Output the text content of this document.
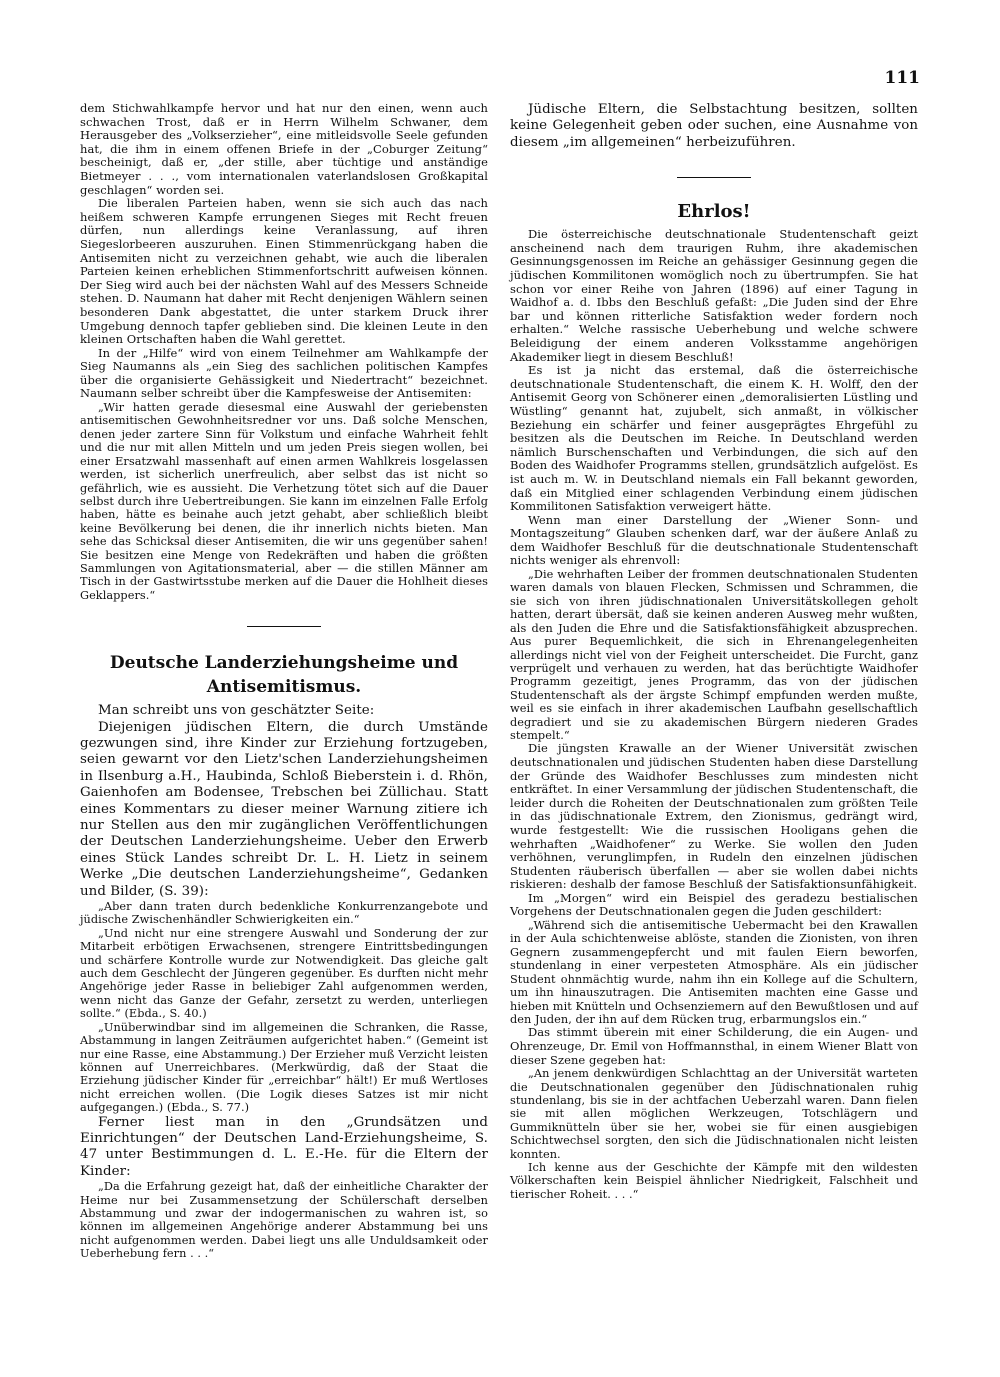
111

dem Stichwahlkampfe hervor und hat nur den einen, wenn auch schwachen Trost, daß er in Herrn Wilhelm Schwaner, dem Herausgeber des „Volkserzieher“, eine mitleidsvolle Seele gefunden hat, die ihm in einem offenen Briefe in der „Coburger Zeitung“ bescheinigt, daß er, „der stille, aber tüchtige und anständige Bietmeyer . . ., vom internationalen vaterlandslosen Großkapital geschlagen“ worden sei.

Die liberalen Parteien haben, wenn sie sich auch das nach heißem schweren Kampfe errungenen Sieges mit Recht freuen dürfen, nun allerdings keine Veranlassung, auf ihren Siegeslorbeeren auszuruhen. Einen Stimmenrückgang haben die Antisemiten nicht zu verzeichnen gehabt, wie auch die liberalen Parteien keinen erheblichen Stimmenfortschritt aufweisen können. Der Sieg wird auch bei der nächsten Wahl auf des Messers Schneide stehen. D. Naumann hat daher mit Recht denjenigen Wählern seinen besonderen Dank abgestattet, die unter starkem Druck ihrer Umgebung dennoch tapfer geblieben sind. Die kleinen Leute in den kleinen Ortschaften haben die Wahl gerettet.

In der „Hilfe“ wird von einem Teilnehmer am Wahlkampfe der Sieg Naumanns als „ein Sieg des sachlichen politischen Kampfes über die organisierte Gehässigkeit und Niedertracht“ bezeichnet. Naumann selber schreibt über die Kampfesweise der Antisemiten:

„Wir hatten gerade diesesmal eine Auswahl der geriebensten antisemitischen Gewohnheitsredner vor uns. Daß solche Menschen, denen jeder zartere Sinn für Volkstum und einfache Wahrheit fehlt und die nur mit allen Mitteln und um jeden Preis siegen wollen, bei einer Ersatzwahl massenhaft auf einen armen Wahlkreis losgelassen werden, ist sicherlich unerfreulich, aber selbst das ist nicht so gefährlich, wie es aussieht. Die Verhetzung tötet sich auf die Dauer selbst durch ihre Uebertreibungen. Sie kann im einzelnen Falle Erfolg haben, hätte es beinahe auch jetzt gehabt, aber schließlich bleibt keine Bevölkerung bei denen, die ihr innerlich nichts bieten. Man sehe das Schicksal dieser Antisemiten, die wir uns gegenüber sahen! Sie besitzen eine Menge von Redekräften und haben die größten Sammlungen von Agitationsmaterial, aber — die stillen Männer am Tisch in der Gastwirtsstube merken auf die Dauer die Hohlheit dieses Geklappers.“

Deutsche Landerziehungsheime und
Antisemitismus.

Man schreibt uns von geschätzter Seite:

Diejenigen jüdischen Eltern, die durch Umstände gezwungen sind, ihre Kinder zur Erziehung fortzugeben, seien gewarnt vor den Lietz'schen Landerziehungsheimen in Ilsenburg a.H., Haubinda, Schloß Bieberstein i. d. Rhön, Gaienhofen am Bodensee, Trebschen bei Züllichau. Statt eines Kommentars zu dieser meiner Warnung zitiere ich nur Stellen aus den mir zugänglichen Veröffentlichungen der Deutschen Landerziehungsheime. Ueber den Erwerb eines Stück Landes schreibt Dr. L. H. Lietz in seinem Werke „Die deutschen Landerziehungsheime“, Gedanken und Bilder, (S. 39):

„Aber dann traten durch bedenkliche Konkurrenzangebote und jüdische Zwischenhändler Schwierigkeiten ein.“

„Und nicht nur eine strengere Auswahl und Sonderung der zur Mitarbeit erbötigen Erwachsenen, strengere Eintrittsbedingungen und schärfere Kontrolle wurde zur Notwendigkeit. Das gleiche galt auch dem Geschlecht der Jüngeren gegenüber. Es durften nicht mehr Angehörige jeder Rasse in beliebiger Zahl aufgenommen werden, wenn nicht das Ganze der Gefahr, zersetzt zu werden, unterliegen sollte.“ (Ebda., S. 40.)

„Unüberwindbar sind im allgemeinen die Schranken, die Rasse, Abstammung in langen Zeiträumen aufgerichtet haben.“ (Gemeint ist nur eine Rasse, eine Abstammung.) Der Erzieher muß Verzicht leisten können auf Unerreichbares. (Merkwürdig, daß der Staat die Erziehung jüdischer Kinder für „erreichbar“ hält!) Er muß Wertloses nicht erreichen wollen. (Die Logik dieses Satzes ist mir nicht aufgegangen.) (Ebda., S. 77.)

Ferner liest man in den „Grundsätzen und Einrichtungen“ der Deutschen Land-Erziehungsheime, S. 47 unter Bestimmungen d. L. E.-He. für die Eltern der Kinder:

„Da die Erfahrung gezeigt hat, daß der einheitliche Charakter der Heime nur bei Zusammensetzung der Schülerschaft derselben Abstammung und zwar der indogermanischen zu wahren ist, so können im allgemeinen Angehörige anderer Abstammung bei uns nicht aufgenommen werden. Dabei liegt uns alle Unduldsamkeit oder Ueberhebung fern . . .“

Jüdische Eltern, die Selbstachtung besitzen, sollten keine Gelegenheit geben oder suchen, eine Ausnahme von diesem „im allgemeinen“ herbeizuführen.

Ehrlos!

Die österreichische deutschnationale Studentenschaft geizt anscheinend nach dem traurigen Ruhm, ihre akademischen Gesinnungsgenossen im Reiche an gehässiger Gesinnung gegen die jüdischen Kommilitonen womöglich noch zu übertrumpfen. Sie hat schon vor einer Reihe von Jahren (1896) auf einer Tagung in Waidhof a. d. Ibbs den Beschluß gefaßt: „Die Juden sind der Ehre bar und können ritterliche Satisfaktion weder fordern noch erhalten.“ Welche rassische Ueberhebung und welche schwere Beleidigung der einem anderen Volksstamme angehörigen Akademiker liegt in diesem Beschluß!

Es ist ja nicht das erstemal, daß die österreichische deutschnationale Studentenschaft, die einem K. H. Wolff, den der Antisemit Georg von Schönerer einen „demoralisierten Lüstling und Wüstling“ genannt hat, zujubelt, sich anmaßt, in völkischer Beziehung ein schärfer und feiner ausgeprägtes Ehrgefühl zu besitzen als die Deutschen im Reiche. In Deutschland werden nämlich Burschenschaften und Verbindungen, die sich auf den Boden des Waidhofer Programms stellen, grundsätzlich aufgelöst. Es ist auch m. W. in Deutschland niemals ein Fall bekannt geworden, daß ein Mitglied einer schlagenden Verbindung einem jüdischen Kommilitonen Satisfaktion verweigert hätte.

Wenn man einer Darstellung der „Wiener Sonn- und Montagszeitung“ Glauben schenken darf, war der äußere Anlaß zu dem Waidhofer Beschluß für die deutschnationale Studentenschaft nichts weniger als ehrenvoll:

„Die wehrhaften Leiber der frommen deutschnationalen Studenten waren damals von blauen Flecken, Schmissen und Schrammen, die sie sich von ihren jüdischnationalen Universitätskollegen geholt hatten, derart übersät, daß sie keinen anderen Ausweg mehr wußten, als den Juden die Ehre und die Satisfaktionsfähigkeit abzusprechen. Aus purer Bequemlichkeit, die sich in Ehrenangelegenheiten allerdings nicht viel von der Feigheit unterscheidet. Die Furcht, ganz verprügelt und verhauen zu werden, hat das berüchtigte Waidhofer Programm gezeitigt, jenes Programm, das von der jüdischen Studentenschaft als der ärgste Schimpf empfunden werden mußte, weil es sie einfach in ihrer akademischen Laufbahn gesellschaftlich degradiert und sie zu akademischen Bürgern niederen Grades stempelt.“

Die jüngsten Krawalle an der Wiener Universität zwischen deutschnationalen und jüdischen Studenten haben diese Darstellung der Gründe des Waidhofer Beschlusses zum mindesten nicht entkräftet. In einer Versammlung der jüdischen Studentenschaft, die leider durch die Roheiten der Deutschnationalen zum größten Teile in das jüdischnationale Extrem, den Zionismus, gedrängt wird, wurde festgestellt: Wie die russischen Hooligans gehen die wehrhaften „Waidhofener“ zu Werke. Sie wollen den Juden verhöhnen, verunglimpfen, in Rudeln den einzelnen jüdischen Studenten räuberisch überfallen — aber sie wollen dabei nichts riskieren: deshalb der famose Beschluß der Satisfaktionsunfähigkeit.

Im „Morgen“ wird ein Beispiel des geradezu bestialischen Vorgehens der Deutschnationalen gegen die Juden geschildert:

„Während sich die antisemitische Uebermacht bei den Krawallen in der Aula schichtenweise ablöste, standen die Zionisten, von ihren Gegnern zusammengepfercht und mit faulen Eiern beworfen, stundenlang in einer verpesteten Atmosphäre. Als ein jüdischer Student ohnmächtig wurde, nahm ihn ein Kollege auf die Schultern, um ihn hinauszutragen. Die Antisemiten machten eine Gasse und hieben mit Knütteln und Ochsenziemern auf den Bewußtlosen und auf den Juden, der ihn auf dem Rücken trug, erbarmungslos ein.“

Das stimmt überein mit einer Schilderung, die ein Augen- und Ohrenzeuge, Dr. Emil von Hoffmannsthal, in einem Wiener Blatt von dieser Szene gegeben hat:

„An jenem denkwürdigen Schlachttag an der Universität warteten die Deutschnationalen gegenüber den Jüdischnationalen ruhig stundenlang, bis sie in der achtfachen Ueberzahl waren. Dann fielen sie mit allen möglichen Werkzeugen, Totschlägern und Gummiknütteln über sie her, wobei sie für einen ausgiebigen Schichtwechsel sorgten, den sich die Jüdischnationalen nicht leisten konnten.

Ich kenne aus der Geschichte der Kämpfe mit den wildesten Völkerschaften kein Beispiel ähnlicher Niedrigkeit, Falschheit und tierischer Roheit. . . .“
